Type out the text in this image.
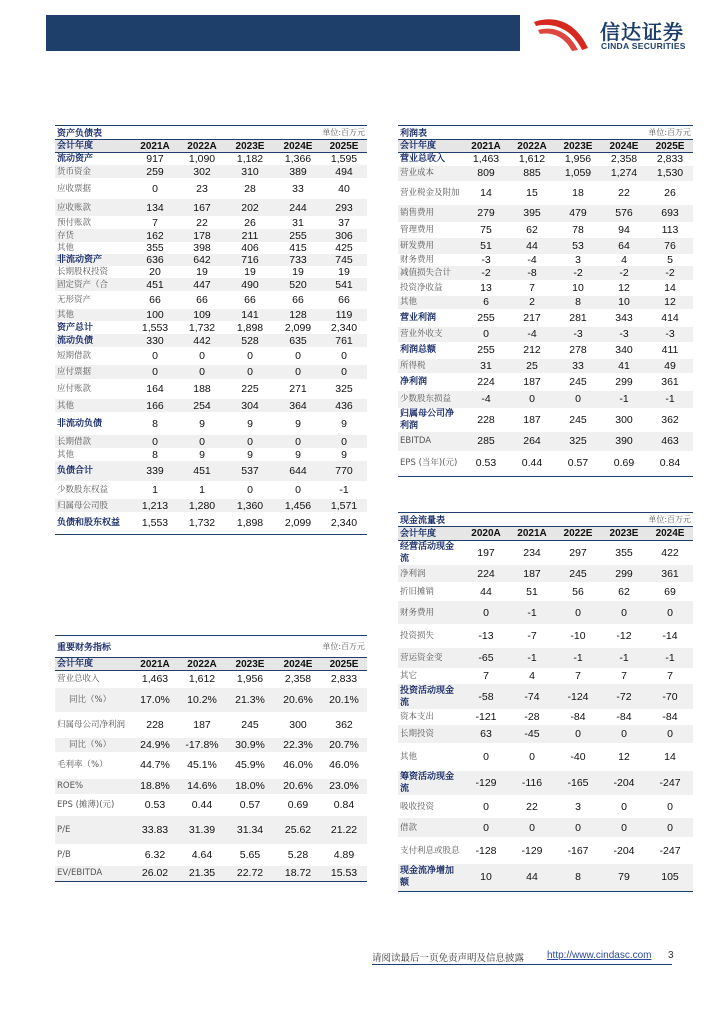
信达证券
CINDA SECURITIES
资产负债表		单位:百万元			
会计年度	2021A	2022A	2023E	2024E	2025E
流动资产	917	1,090	1,182	1,366	1,595
货币资金	259	302	310	389	494
应收票据	0	23	28	33	40
应收账款	134	167	202	244	293
预付账款	7	22	26	31	37
存货	162	178	211	255	306
其他	355	398	406	415	425
非流动资产	636	642	716	733	745
长期股权投资	20	19	19	19	19
固定资产（合	451	447	490	520	541
无形资产	66	66	66	66	66
其他	100	109	141	128	119
资产总计	1,553	1,732	1,898	2,099	2,340
流动负债	330	442	528	635	761
短期借款	0	0	0	0	0
应付票据	0	0	0	0	0
应付账款	164	188	225	271	325
其他	166	254	304	364	436
非流动负债	8	9	9	9	9
长期借款	0	0	0	0	0
其他	8	9	9	9	9
负债合计	339	451	537	644	770
少数股东权益	1	1	0	0	-1
归属母公司股	1,213	1,280	1,360	1,456	1,571
负债和股东权益	1,553	1,732	1,898	2,099	2,340
重要财务指标		单位:百万元			
会计年度	2021A	2022A	2023E	2024E	2025E
营业总收入	1,463	1,612	1,956	2,358	2,833
同比（%）	17.0%	10.2%	21.3%	20.6%	20.1%
归属母公司净利润	228	187	245	300	362
同比（%）	24.9%	-17.8%	30.9%	22.3%	20.7%
毛利率（%）	44.7%	45.1%	45.9%	46.0%	46.0%
ROE%	18.8%	14.6%	18.0%	20.6%	23.0%
EPS (摊薄)(元)	0.53	0.44	0.57	0.69	0.84
P/E	33.83	31.39	31.34	25.62	21.22
P/B	6.32	4.64	5.65	5.28	4.89
EV/EBITDA	26.02	21.35	22.72	18.72	15.53
利润表		单位:百万元			
会计年度	2021A	2022A	2023E	2024E	2025E
营业总收入	1,463	1,612	1,956	2,358	2,833
营业成本	809	885	1,059	1,274	1,530
营业税金及附加	14	15	18	22	26
销售费用	279	395	479	576	693
管理费用	75	62	78	94	113
研发费用	51	44	53	64	76
财务费用	-3	-4	3	4	5
减值损失合计	-2	-8	-2	-2	-2
投资净收益	13	7	10	12	14
其他	6	2	8	10	12
营业利润	255	217	281	343	414
营业外收支	0	-4	-3	-3	-3
利润总额	255	212	278	340	411
所得税	31	25	33	41	49
净利润	224	187	245	299	361
少数股东损益	-4	0	0	-1	-1
归属母公司净利润	228	187	245	300	362
EBITDA	285	264	325	390	463
EPS (当年)(元)	0.53	0.44	0.57	0.69	0.84
现金流量表		单位:百万元			
会计年度	2020A	2021A	2022E	2023E	2024E
经营活动现金流	197	234	297	355	422
净利润	224	187	245	299	361
折旧摊销	44	51	56	62	69
财务费用	0	-1	0	0	0
投资损失	-13	-7	-10	-12	-14
营运资金变	-65	-1	-1	-1	-1
其它	7	4	7	7	7
投资活动现金流	-58	-74	-124	-72	-70
资本支出	-121	-28	-84	-84	-84
长期投资	63	-45	0	0	0
其他	0	0	-40	12	14
筹资活动现金流	-129	-116	-165	-204	-247
吸收投资	0	22	3	0	0
借款	0	0	0	0	0
支付利息或股息	-128	-129	-167	-204	-247
现金流净增加额	10	44	8	79	105
请阅读最后一页免责声明及信息披露 http://www.cindasc.com 3
